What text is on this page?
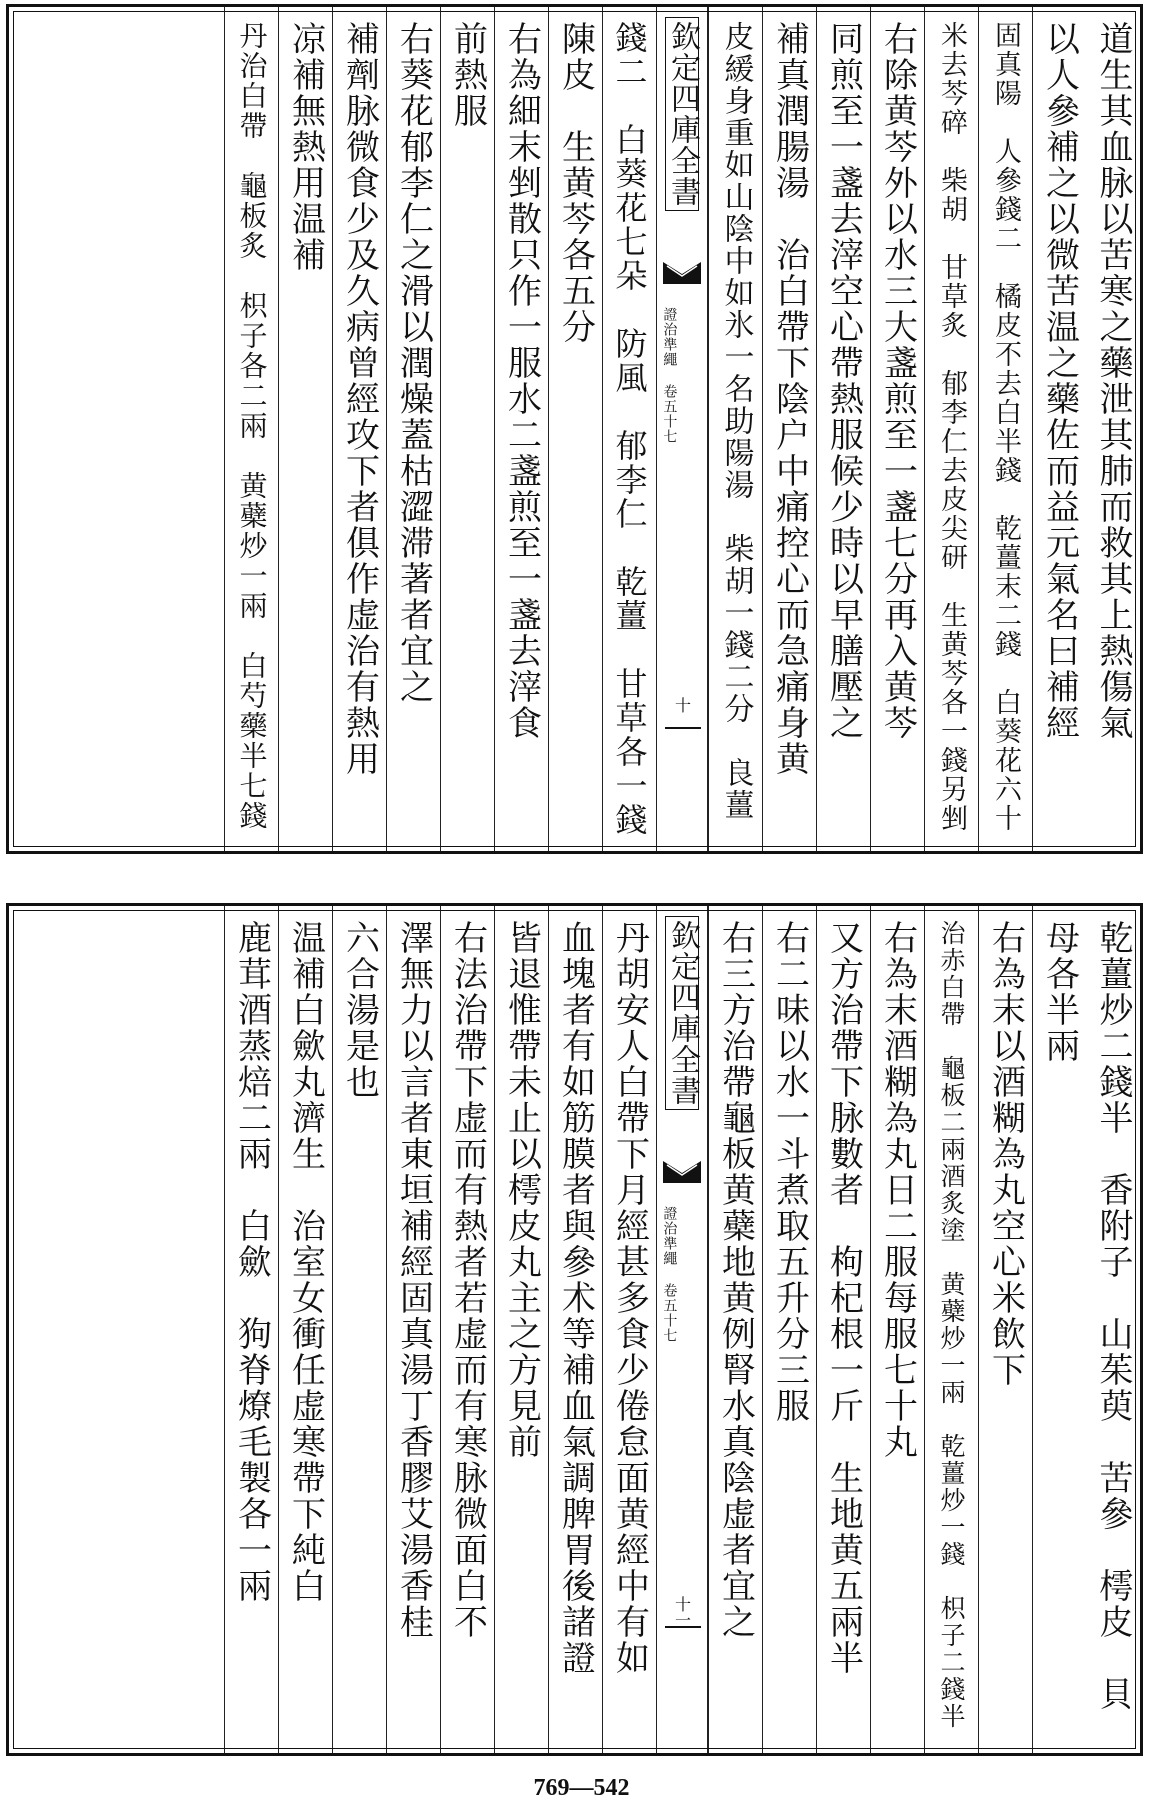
道生其血脉以苦寒之藥泄其肺而救其上熱傷氣
以人參補之以微苦温之藥佐而益元氣名曰補經
固真陽　人參錢二　橘皮不去白半錢　乾薑末二錢　白葵花六十
米去芩碎　柴胡　甘草炙　郁李仁去皮尖研　生黄芩各一錢另剉
右除黄芩外以水三大盞煎至一盞七分再入黄芩
同煎至一盞去滓空心帶熱服候少時以早膳壓之
補真潤腸湯　治白帶下陰户中痛控心而急痛身黄
皮緩身重如山陰中如氷一名助陽湯　柴胡一錢二分　良薑
欽定四庫全書
證治準繩 卷五十七
十
錢二　白葵花七朵　防風　郁李仁　乾薑　甘草各一錢
陳皮　生黄芩各五分
右為細末剉散只作一服水二盞煎至一盞去滓食
前熱服
右葵花郁李仁之滑以潤燥蓋枯澀滞著者宜之
補劑脉微食少及久病曾經攻下者俱作虚治有熱用
凉補無熱用温補
丹治白帶　龜板炙　枳子各二兩　黄蘗炒一兩　白芍藥半七錢
乾薑炒二錢半　香附子　山茱萸　苦參　樗皮　貝
母各半兩
右為末以酒糊為丸空心米飲下
治赤白帶　龜板二兩酒炙塗　黄蘗炒一兩　乾薑炒一錢　枳子二錢半
右為末酒糊為丸日二服每服七十丸
又方治帶下脉數者　枸杞根一斤　生地黄五兩半
右二味以水一斗煮取五升分三服
右三方治帶龜板黄蘗地黄例腎水真陰虚者宜之
欽定四庫全書
證治準繩 卷五十七
十一
丹胡安人白帶下月經甚多食少倦怠面黄經中有如
血塊者有如筋膜者與參术等補血氣調脾胃後諸證
皆退惟帶未止以樗皮丸主之方見前
右法治帶下虚而有熱者若虚而有寒脉微面白不
澤無力以言者東垣補經固真湯丁香膠艾湯香桂
六合湯是也
温補白歛丸濟生　治室女衝任虚寒帶下純白
鹿茸酒蒸焙二兩　白歛　狗脊燎毛製各一兩
769—542
